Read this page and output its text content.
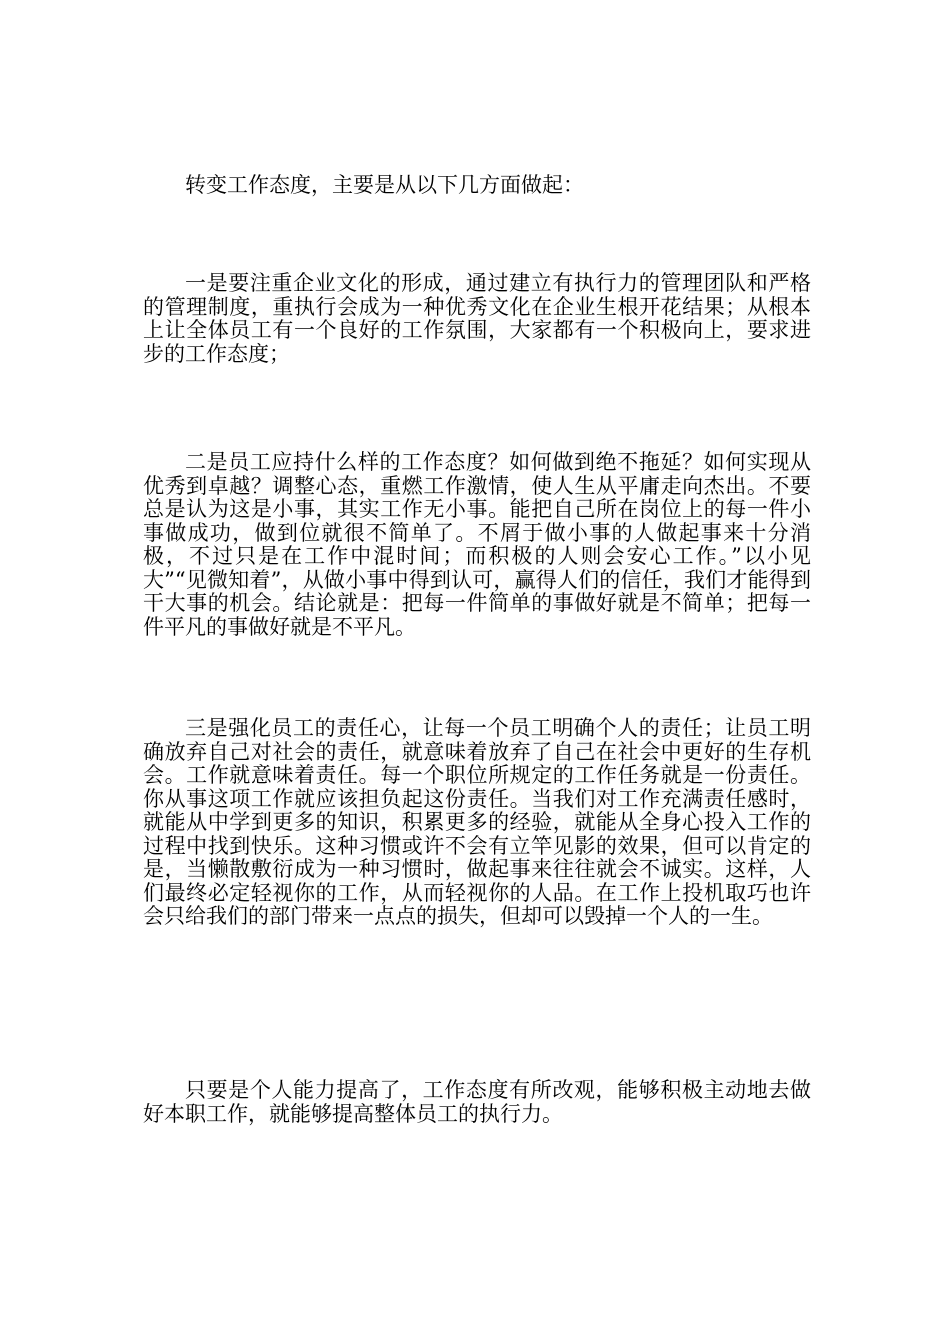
转变工作态度，主要是从以下几方面做起：

一是要注重企业文化的形成，通过建立有执行力的管理团队和严格的管理制度，重执行会成为一种优秀文化在企业生根开花结果；从根本上让全体员工有一个良好的工作氛围，大家都有一个积极向上，要求进步的工作态度；

二是员工应持什么样的工作态度？如何做到绝不拖延？如何实现从优秀到卓越？调整心态，重燃工作激情，使人生从平庸走向杰出。不要总是认为这是小事，其实工作无小事。能把自己所在岗位上的每一件小事做成功，做到位就很不简单了。不屑于做小事的人做起事来十分消极，不过只是在工作中混时间；而积极的人则会安心工作。”以小见大”“见微知着”，从做小事中得到认可，赢得人们的信任，我们才能得到干大事的机会。结论就是：把每一件简单的事做好就是不简单；把每一件平凡的事做好就是不平凡。

三是强化员工的责任心，让每一个员工明确个人的责任；让员工明确放弃自己对社会的责任，就意味着放弃了自己在社会中更好的生存机会。工作就意味着责任。每一个职位所规定的工作任务就是一份责任。你从事这项工作就应该担负起这份责任。当我们对工作充满责任感时，就能从中学到更多的知识，积累更多的经验，就能从全身心投入工作的过程中找到快乐。这种习惯或许不会有立竿见影的效果，但可以肯定的是，当懒散敷衍成为一种习惯时，做起事来往往就会不诚实。这样，人们最终必定轻视你的工作，从而轻视你的人品。在工作上投机取巧也许会只给我们的部门带来一点点的损失，但却可以毁掉一个人的一生。

只要是个人能力提高了，工作态度有所改观，能够积极主动地去做好本职工作，就能够提高整体员工的执行力。
